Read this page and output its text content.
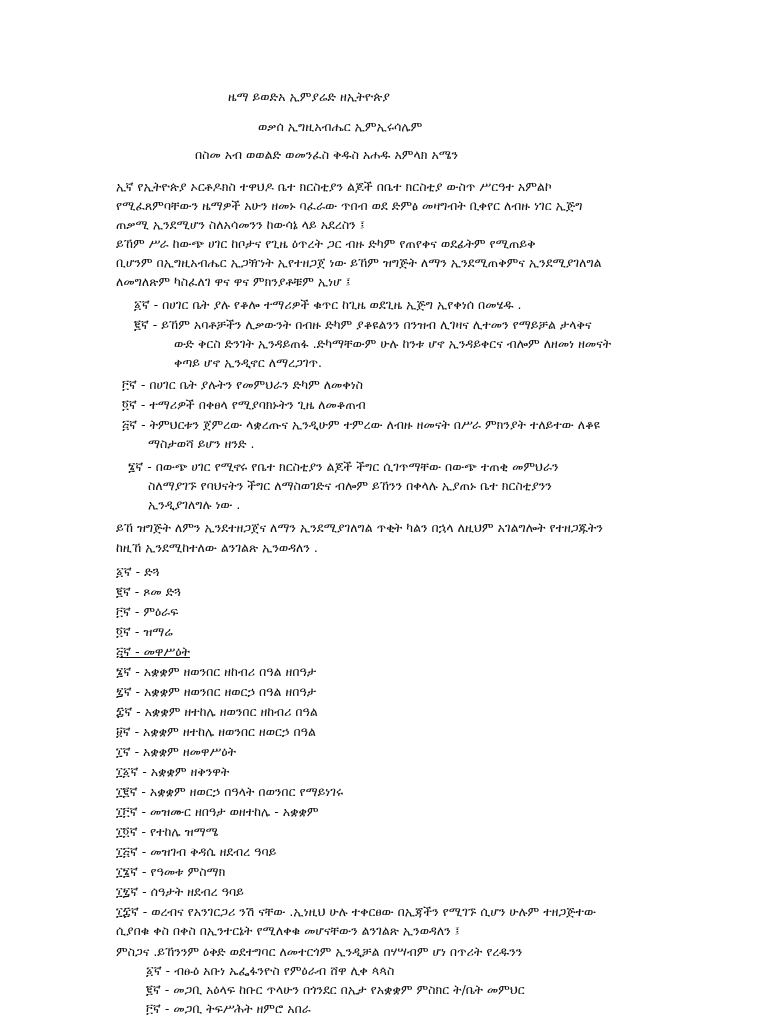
ዜማ ይወድአ ኢምያሬድ ዘኢትዮጵያ
ወቃሰ ኢግዚአብሔር ኢምኢሩሳሌም
በስመ አብ ወወልድ ወመንፈስ ቅዱስ አሐዱ አምላክ አሜን
ኢኛ የኢትዮጵያ ኦርቶዶክስ ተዋህዶ ቤተ ክርስቲያን ልጆች በቤተ ክርስቲያ ውስጥ ሥርዓተ አምልኮ
የሚፈጸምባቸውን ዜማዎች አሁን ዘመኑ ባፈራው ጥበብ ወደ ድምፅ መዛግብት ቢቀየር ለብዙ ነገር ኢጅግ
ጠቃሚ ኢንደሚሆን ስለአሳመንን ከውሳኔ ላይ አደረስን ፤
ይኸም ሥራ ከውጭ ሀገር ከቦታና የጊዜ ዕጥረት ጋር ብዙ ድካም የጠየቀና ወደፊትም የሚጠይቅ
ቢሆንም በኢግዚአብሔር ኢጋዥነት ኢየተዘጋጀ ነው ይኸም ዝግጅት ለማን ኢንደሚጠቅምና ኢንደሚያገለግል
ለመግለጽም ካስፈለገ ዋና ዋና ምክንያቶቹም ኢነሆ ፤
፩ኛ - በሀገር ቤት ያሉ የቆሎ ተማሪዎች ቁጥር ከጊዜ ወደጊዜ ኢጅግ ኢየቀነሰ በመሄዱ .
፪ኛ - ይኸም አባቶቻችን ሊቃውንት በብዙ ድካም ያቆዩልንን በንዝብ ሊገዛና ሊተመን የማይቻል ታላቅና
ውድ ቅርስ ድንገት ኢንዳይጠፋ .ድካማቸውም ሁሉ ከንቱ ሆኖ ኢንዳይቀርና ብሎም ለዘመነ ዘመናት
ቀጣይ ሆኖ ኢንዲኖር ለማረጋገጥ.
፫ኛ - በሀገር ቤት ያሉትን የመምህራን ድካም ለመቀነስ
፬ኛ - ተማሪዎች በቀፀላ የሚያባክኑትን ጊዜ ለመቆጠብ
፭ኛ - ትምህርቱን ጀምረው ላቋረጡና ኢንዲሁም ተምረው ለብዙ ዘመናት በሥራ ምክንያት ተለይተው ለቆዩ
ማስታወሻ ይሆን ዘንድ .
፮ኛ - በውጭ ሀገር የሚኖሩ የቤተ ክርስቲያን ልጆች ችግር ሲገጥማቸው በውጭ ተጠቂ መምህራን
ስለማያገኙ የባህናትን ችግር ለማስወገድና ብሎም ይኸንን በቀላሉ ኢያጠኑ ቤተ ክርስቲያንን
ኢንዲያገለግሉ ነው .
ይኸ ዝግጅት ለምን ኢንደተዘጋጀና ለማን ኢንደሚያገለግል ጥቂት ካልን በኋላ ለዚህም አገልግሎት የተዘጋጁትን
ከዚኸ ኢንደሚከተለው ልንገልጽ ኢንወዳለን .
፩ኛ - ድጓ
፪ኛ - ጾመ ድጓ
፫ኛ - ምዕራፍ
፬ኛ - ዝማሬ
፭ኛ - መዋሥዕት
፮ኛ - አቋቋም ዘወንበር ዘከብሪ በዓል ዘበዓታ
፯ኛ - አቋቋም ዘወንበር ዘወርኃ በዓል ዘበዓታ
፰ኛ - አቋቋም ዘተከሌ ዘወንበር ዘከብሪ በዓል
፱ኛ - አቋቋም ዘተከሌ ዘወንበር ዘወርኃ በዓል
፲ኛ - አቋቋም ዘመዋሥዕት
፲፩ኛ - አቋቋም ዘቅንዋት
፲፪ኛ - አቋቋም ዘወርኃ በዓላት በወንበር የማይነገሩ
፲፫ኛ - መዝሙር ዘበዓታ ወዘተከሌ - አቋቋም
፲፬ኛ - የተከሌ ዝማሜ
፲፭ኛ - መዝገብ ቅዳሴ ዘደብረ ዓባይ
፲፮ኛ - የዓመቱ ምስማክ
፲፯ኛ - ሰዓታት ዘደብረ ዓባይ
፲፰ኛ - ወረብና የአንገርጋሪ ንሽ ናቸው .ኢነዚህ ሁሉ ተቀርፀው በኢጃችን የሚገኙ ሲሆን ሁሉም ተዘጋጅተው
ሲያበቁ ቀስ በቀስ በኢንተርኔት የሚለቀቁ መሆናቸውን ልንገልጽ ኢንወዳለን ፤
ምስጋና .ይኸንንም ዕቅድ ወደተግባር ለመተርጎም ኢንዲቻል በሃሣብም ሆነ በጥሪት የረዱንን
፩ኛ - ብፁዕ አቡነ ኤፌፋንዮስ የምዕራብ ሸዋ ሊቀ ጳጳስ
፪ኛ - መጋቢ አዕላፍ ከቡር ጥላሁን በጎንደር በኢታ የአቋቋም ምስክር ት/ቤት መምህር
፫ኛ - መጋቢ ትፍሥሕት ዘምሮ አበራ
